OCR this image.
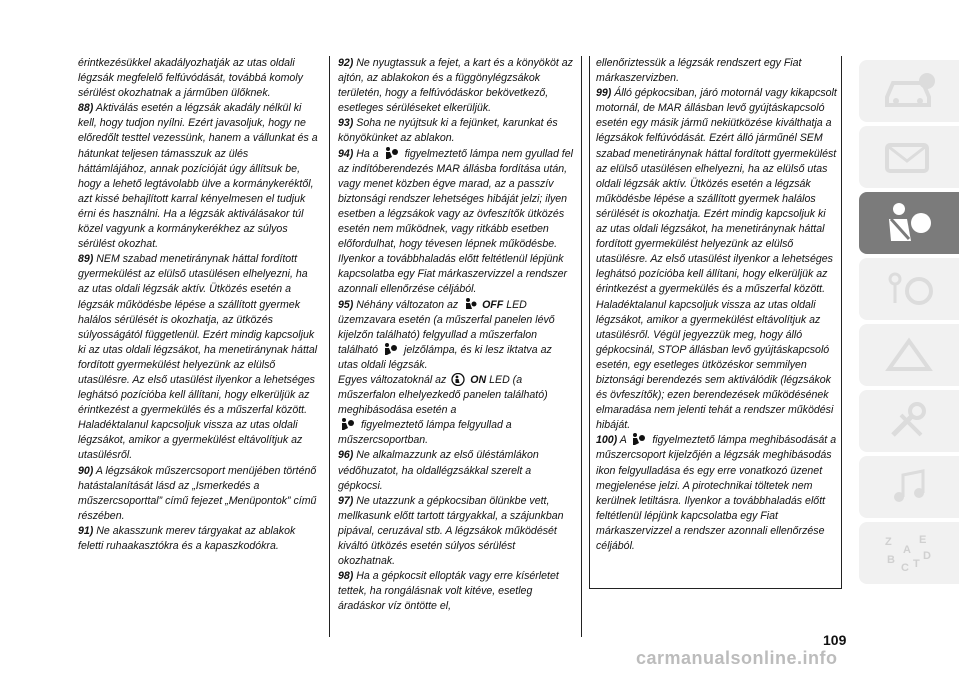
érintkezésükkel akadályozhatják az utas oldali légzsák megfelelő felfúvódását, továbbá komoly sérülést okozhatnak a járműben ülőknek.

88) Aktiválás esetén a légzsák akadály nélkül ki kell, hogy tudjon nyílni. Ezért javasoljuk, hogy ne előredőlt testtel vezessünk, hanem a vállunkat és a hátunkat teljesen támasszuk az ülés háttámlájához, annak pozícióját úgy állítsuk be, hogy a lehető legtávolabb ülve a kormánykeréktől, azt kissé behajlított karral kényelmesen el tudjuk érni és használni. Ha a légzsák aktiválásakor túl közel vagyunk a kormánykerékhez az súlyos sérülést okozhat.

89) NEM szabad menetiránynak háttal fordított gyermekülést az elülső utasülésen elhelyezni, ha az utas oldali légzsák aktív. Ütközés esetén a légzsák működésbe lépése a szállított gyermek halálos sérülését is okozhatja, az ütközés súlyosságától függetlenül. Ezért mindig kapcsoljuk ki az utas oldali légzsákot, ha menetiránynak háttal fordított gyermekülést helyezünk az elülső utasülésre. Az első utasülést ilyenkor a lehetséges leghátsó pozícióba kell állítani, hogy elkerüljük az érintkezést a gyermekülés és a műszerfal között. Haladéktalanul kapcsoljuk vissza az utas oldali légzsákot, amikor a gyermekülést eltávolítjuk az utasülésről.

90) A légzsákok műszercsoport menüjében történő hatástalanítását lásd az „Ismerkedés a műszercsoporttal” című fejezet „Menüpontok” című részében.

91) Ne akasszunk merev tárgyakat az ablakok feletti ruhaakasztókra és a kapaszkodókra.

92) Ne nyugtassuk a fejet, a kart és a könyököt az ajtón, az ablakokon és a függönylégzsákok területén, hogy a felfúvódáskor bekövetkező, esetleges sérüléseket elkerüljük.

93) Soha ne nyújtsuk ki a fejünket, karunkat és könyökünket az ablakon.

94) Ha a figyelmeztető lámpa nem gyullad fel az indítóberendezés MAR állásba fordítása után, vagy menet közben égve marad, az a passzív biztonsági rendszer lehetséges hibáját jelzi; ilyen esetben a légzsákok vagy az övfeszítők ütközés esetén nem működnek, vagy ritkább esetben előfordulhat, hogy tévesen lépnek működésbe. Ilyenkor a továbbhaladás előtt feltétlenül lépjünk kapcsolatba egy Fiat márkaszervizzel a rendszer azonnali ellenőrzése céljából.

95) Néhány változaton az OFF LED üzemzavara esetén (a műszerfal panelen lévő kijelzőn található) felgyullad a műszerfalon található jelzőlámpa, és ki lesz iktatva az utas oldali légzsák.

Egyes változatoknál az ON LED (a műszerfalon elhelyezkedő panelen található) meghibásodása esetén a
figyelmeztető lámpa felgyullad a műszercsoportban.

96) Ne alkalmazzunk az első üléstámlákon védőhuzatot, ha oldallégzsákkal szerelt a gépkocsi.

97) Ne utazzunk a gépkocsiban ölünkbe vett, mellkasunk előtt tartott tárgyakkal, a szájunkban pipával, ceruzával stb. A légzsákok működését kiváltó ütközés esetén súlyos sérülést okozhatnak.

98) Ha a gépkocsit ellopták vagy erre kísérletet tettek, ha rongálásnak volt kitéve, esetleg áradáskor víz öntötte el,

ellenőriztessük a légzsák rendszert egy Fiat márkaszervizben.

99) Álló gépkocsiban, járó motornál vagy kikapcsolt motornál, de MAR állásban levő gyújtáskapcsoló esetén egy másik jármű nekiütközése kiválthatja a légzsákok felfúvódását. Ezért álló járműnél SEM szabad menetiránynak háttal fordított gyermekülést az elülső utasülésen elhelyezni, ha az elülső utas oldali légzsák aktív. Ütközés esetén a légzsák működésbe lépése a szállított gyermek halálos sérülését is okozhatja. Ezért mindig kapcsoljuk ki az utas oldali légzsákot, ha menetiránynak háttal fordított gyermekülést helyezünk az elülső utasülésre. Az első utasülést ilyenkor a lehetséges leghátsó pozícióba kell állítani, hogy elkerüljük az érintkezést a gyermekülés és a műszerfal között. Haladéktalanul kapcsoljuk vissza az utas oldali légzsákot, amikor a gyermekülést eltávolítjuk az utasülésről. Végül jegyezzük meg, hogy álló gépkocsinál, STOP állásban levő gyújtáskapcsoló esetén, egy esetleges ütközéskor semmilyen biztonsági berendezés sem aktiválódik (légzsákok és övfeszítők); ezen berendezések működésének elmaradása nem jelenti tehát a rendszer működési hibáját.

100) A figyelmeztető lámpa meghibásodását a műszercsoport kijelzőjén a légzsák meghibásodás ikon felgyulladása és egy erre vonatkozó üzenet megjelenése jelzi. A pirotechnikai töltetek nem kerülnek letiltásra. Ilyenkor a továbbhaladás előtt feltétlenül lépjünk kapcsolatba egy Fiat márkaszervizzel a rendszer azonnali ellenőrzése céljából.

109
carmanualsonline.info
Z E
A
B
C T
D
